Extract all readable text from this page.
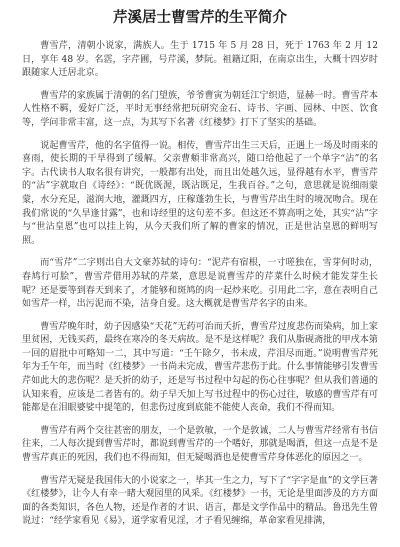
芹溪居士曹雪芹的生平简介

曹雪芹，清朝小说家，满族人。生于 1715 年 5 月 28 日，死于 1763 年 2 月 12 日，享年 48 岁。名霑，字芹圃，号芹溪，梦阮。祖籍辽阳，在南京出生，大概十四岁时跟随家人迁居北京。

曹雪芹的家族属于清朝的名门望族，爷爷曹寅为朝廷江宁织造，显赫一时。曹雪芹本人性格不羁，爱好广泛，平时无事经常把玩研究金石、诗书、字画、园林、中医、饮食等，学问非常丰富，这一点，为其写下名著《红楼梦》打下了坚实的基础。

说起曹雪芹，他的名字值得一说。相传，曹雪芹出生三天后，正遇上一场及时雨来的喜雨，使长期的干旱得到了缓解。父亲曹頫非常高兴，随口给他起了一个单字“沾”的名字。古代读书人取名很有讲究，一般都有出处，而且出处越久远，显得越有水平，曹雪芹的“沾”字就取自《诗经》：“既优既渥，既沾既足，生我百谷。”之句，意思就是说细雨蒙蒙，水分充足，滋润大地，灌溉四方，庄稼蓬勃生长，与曹雪芹出生时的境况吻合。现在我们常说的“久旱逢甘露”，也和诗经里的这句差不多。但这还不算高明之处，其实“沾”字与“世沾皇恩”也可以挂上钩，从今天我们所了解的曹家的情况，正是世沾皇恩的鲜明写照。

而“雪芹”二字则出自大文豪苏轼的诗句：“泥芹有宿根，一寸嗟独在，雪芽何时动，春鸠行可脍”，曹雪芹借用苏轼的芹菜，意思是说曹雪芹的芹菜什么时候才能发芽生长呢？还是要等到春天到来了，才能够和斑鸠的肉一起炒来吃。引用此二字，意在表明自己如雪芹一样，出污泥而不染，洁身自爱。这大概就是曹雪芹名字的由来。

曹雪芹晚年时，幼子因感染“天花”无药可治而夭折，曹雪芹过度悲伤而染病，加上家里贫困，无钱买药，最终在寒冷的冬天病故。是不是这样呢？我们从脂砚斋批的甲戌本第一回的眉批中可略知一二，其中写道：“壬午除夕，书未成，芹泪尽而逝。”说明曹雪芹死年为壬午年，而当时《红楼梦》一书尚未完成，曹雪芹悲伤于此。什么事情能够引发曹雪芹如此大的悲伤呢？是夭折的幼子，还是写书过程中勾起的伤心往事呢？但从我们普通的认知来看，应该是二者皆有的。幼子早夭加上写书过程中的伤心过往，敏感的曹雪芹有可能都是在泪眼婆娑中提笔的，但悲伤过度到底能不能使人丧命，我们不得而知。

曹雪芹有两个交往甚密的朋友，一个是敦敏，一个是敦诚，二人与曹雪芹经常有书信往来，二人每次提到曹雪芹时，都说到曹雪芹的一个嗜好，那就是喝酒，但这一点是不是曹雪芹真正的死因，我们也不得而知，但无疑喝酒也是使曹雪芹身体恶化的原因之一。

曹雪芹无疑是我国伟大的小说家之一，毕其一生之力，写下了“字字是血”的文学巨著《红楼梦》，让今人有幸一睹大观园里的风采。《红楼梦》一书，无论是里面涉及的方方面面的各类知识，各色人物，还是作者的才识、语言，都是文学作品中的精品。鲁迅先生曾说过：“经学家看见《易》，道学家看见淫，才子看见缠绵，革命家看见排满，
